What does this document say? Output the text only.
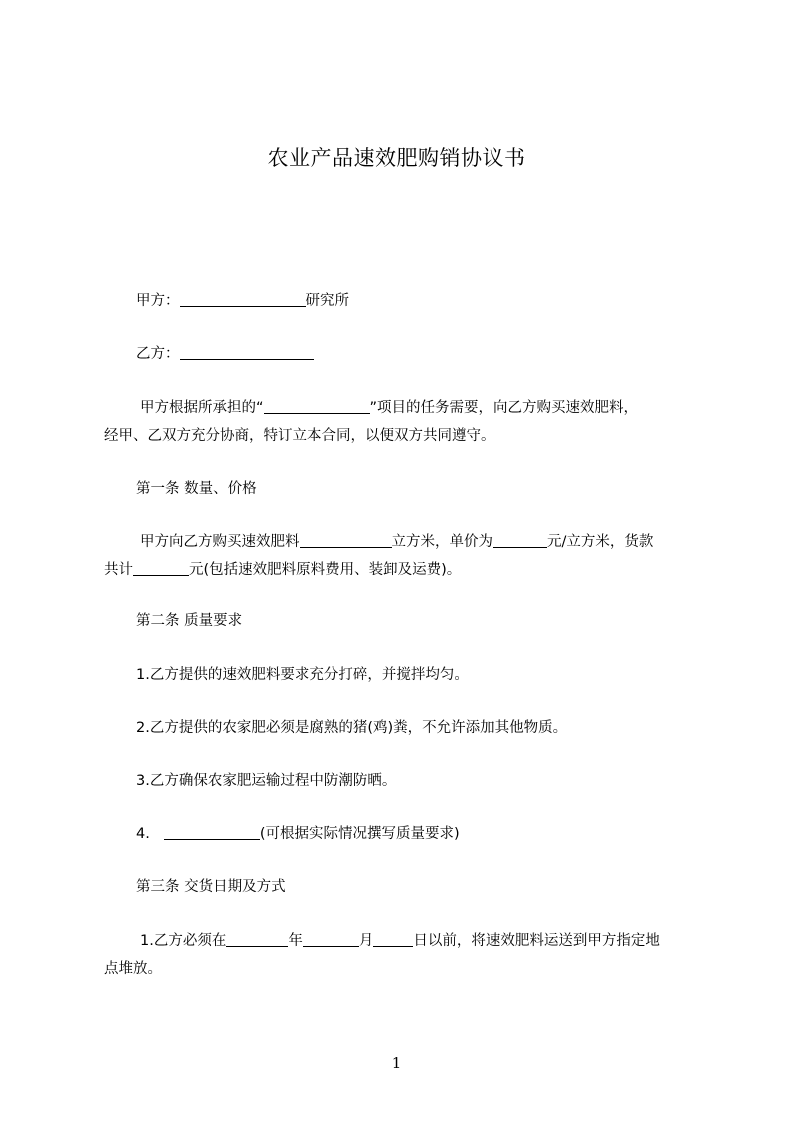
农业产品速效肥购销协议书
甲方：	研究所
乙方：
甲方根据所承担的“	”项目的任务需要，向乙方购买速效肥料，
经甲、乙双方充分协商，特订立本合同，以便双方共同遵守。
第一条 数量、价格
甲方向乙方购买速效肥料	立方米，单价为	元/立方米，货款
共计	元(包括速效肥料原料费用、装卸及运费)。
第二条 质量要求
1.乙方提供的速效肥料要求充分打碎，并搅拌均匀。
2.乙方提供的农家肥必须是腐熟的猪(鸡)粪，不允许添加其他物质。
3.乙方确保农家肥运输过程中防潮防晒。
4.	(可根据实际情况撰写质量要求)
第三条 交货日期及方式
1.乙方必须在	年	月	日以前，将速效肥料运送到甲方指定地
点堆放。
1
